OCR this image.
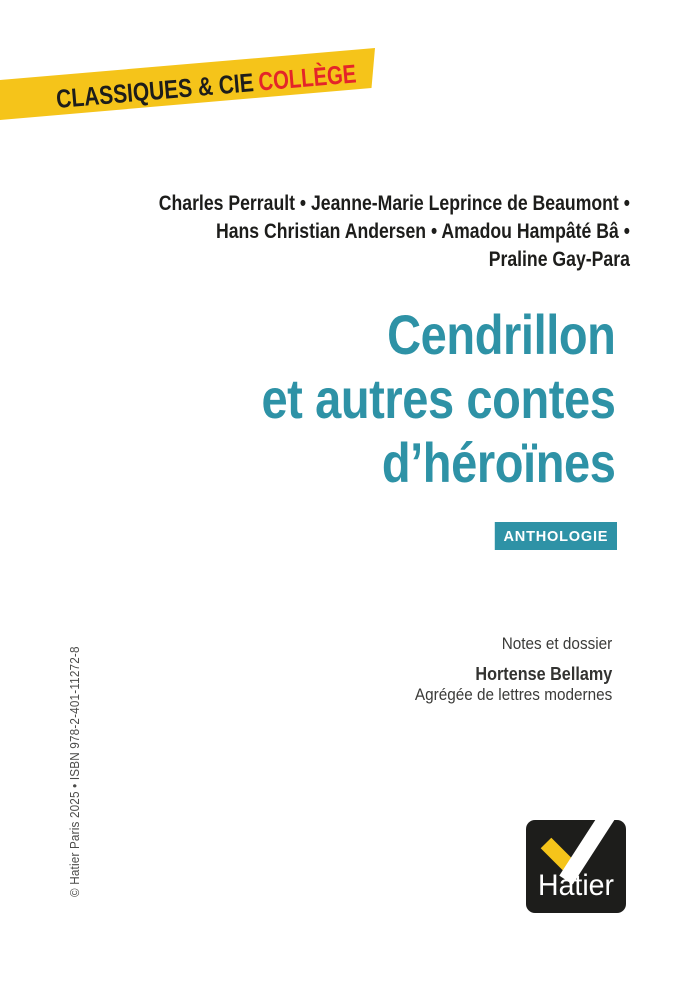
CLASSIQUES & CIE
COLLÈGE
Charles Perrault • Jeanne-Marie Leprince de Beaumont •
Hans Christian Andersen • Amadou Hampâté Bâ •
Praline Gay-Para
Cendrillon
et autres contes
d’héroïnes
ANTHOLOGIE
Notes et dossier
Hortense Bellamy
Agrégée de lettres modernes
© Hatier Paris 2025 • ISBN 978-2-401-11272-8	Hatier
